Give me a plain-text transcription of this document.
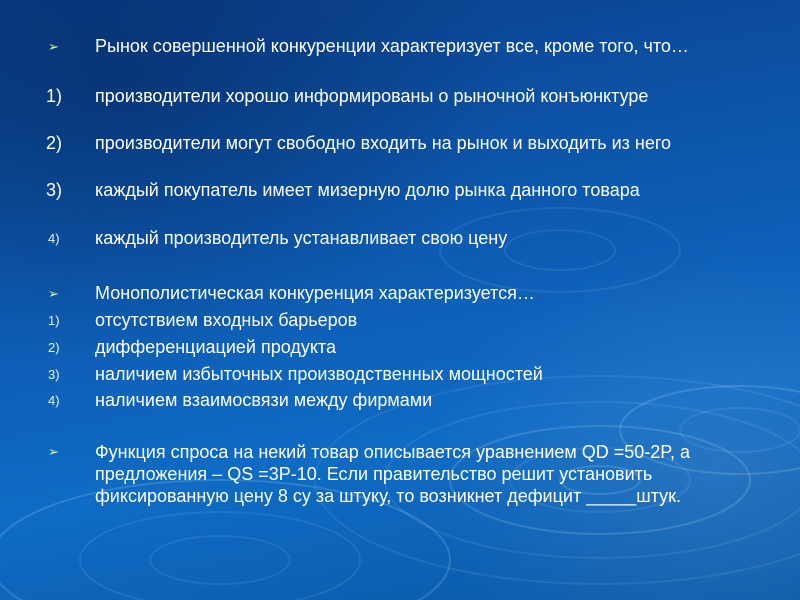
➢ Рынок совершенной конкуренции характеризует все, кроме того, что…
1) производители хорошо информированы о рыночной конъюнктуре
2) производители могут свободно входить на рынок и выходить из него
3) каждый покупатель имеет мизерную долю рынка данного товара
4) каждый производитель устанавливает свою цену
➢ Монополистическая конкуренция характеризуется…
1) отсутствием входных барьеров
2) дифференциацией продукта
3) наличием избыточных производственных мощностей
4) наличием взаимосвязи между фирмами
➢ Функция спроса на некий товар описывается уравнением QD =50-2P, а предложения – QS =3P-10. Если правительство решит установить фиксированную цену 8 су за штуку, то возникнет дефицит _____штук.
